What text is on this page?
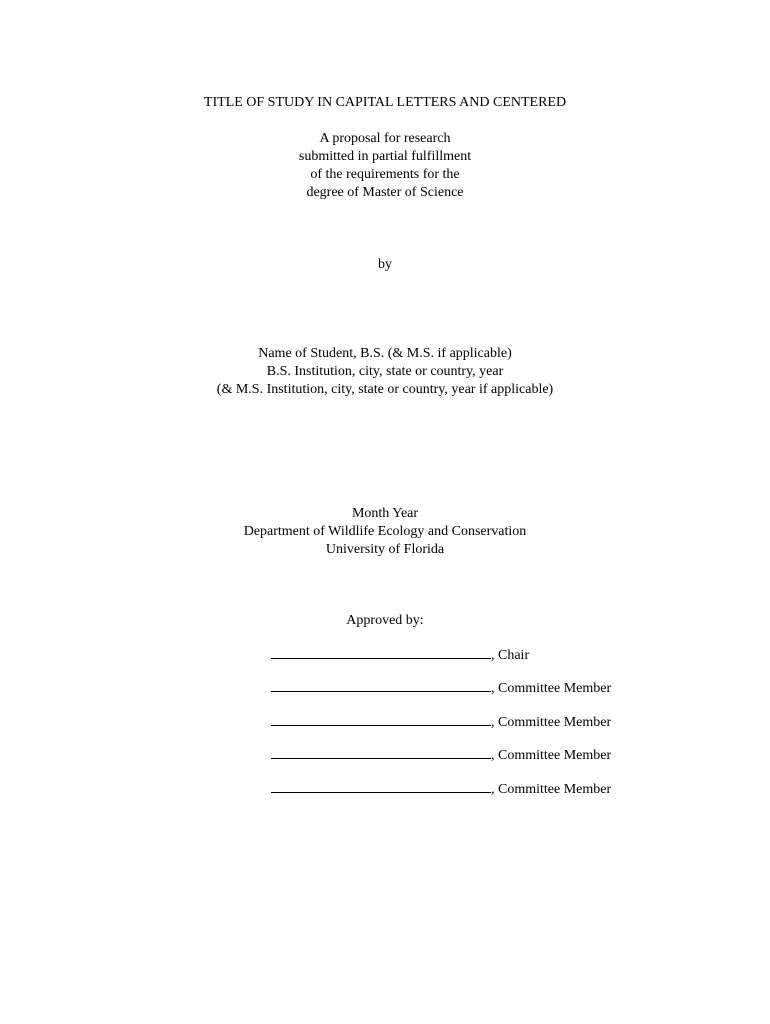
TITLE OF STUDY IN CAPITAL LETTERS AND CENTERED
A proposal for research
submitted in partial fulfillment
of the requirements for the
degree of Master of Science
by
Name of Student, B.S. (& M.S. if applicable)
B.S. Institution, city, state or country, year
(& M.S. Institution, city, state or country, year if applicable)
Month Year
Department of Wildlife Ecology and Conservation
University of Florida
Approved by:
, Chair
, Committee Member
, Committee Member
, Committee Member
, Committee Member
